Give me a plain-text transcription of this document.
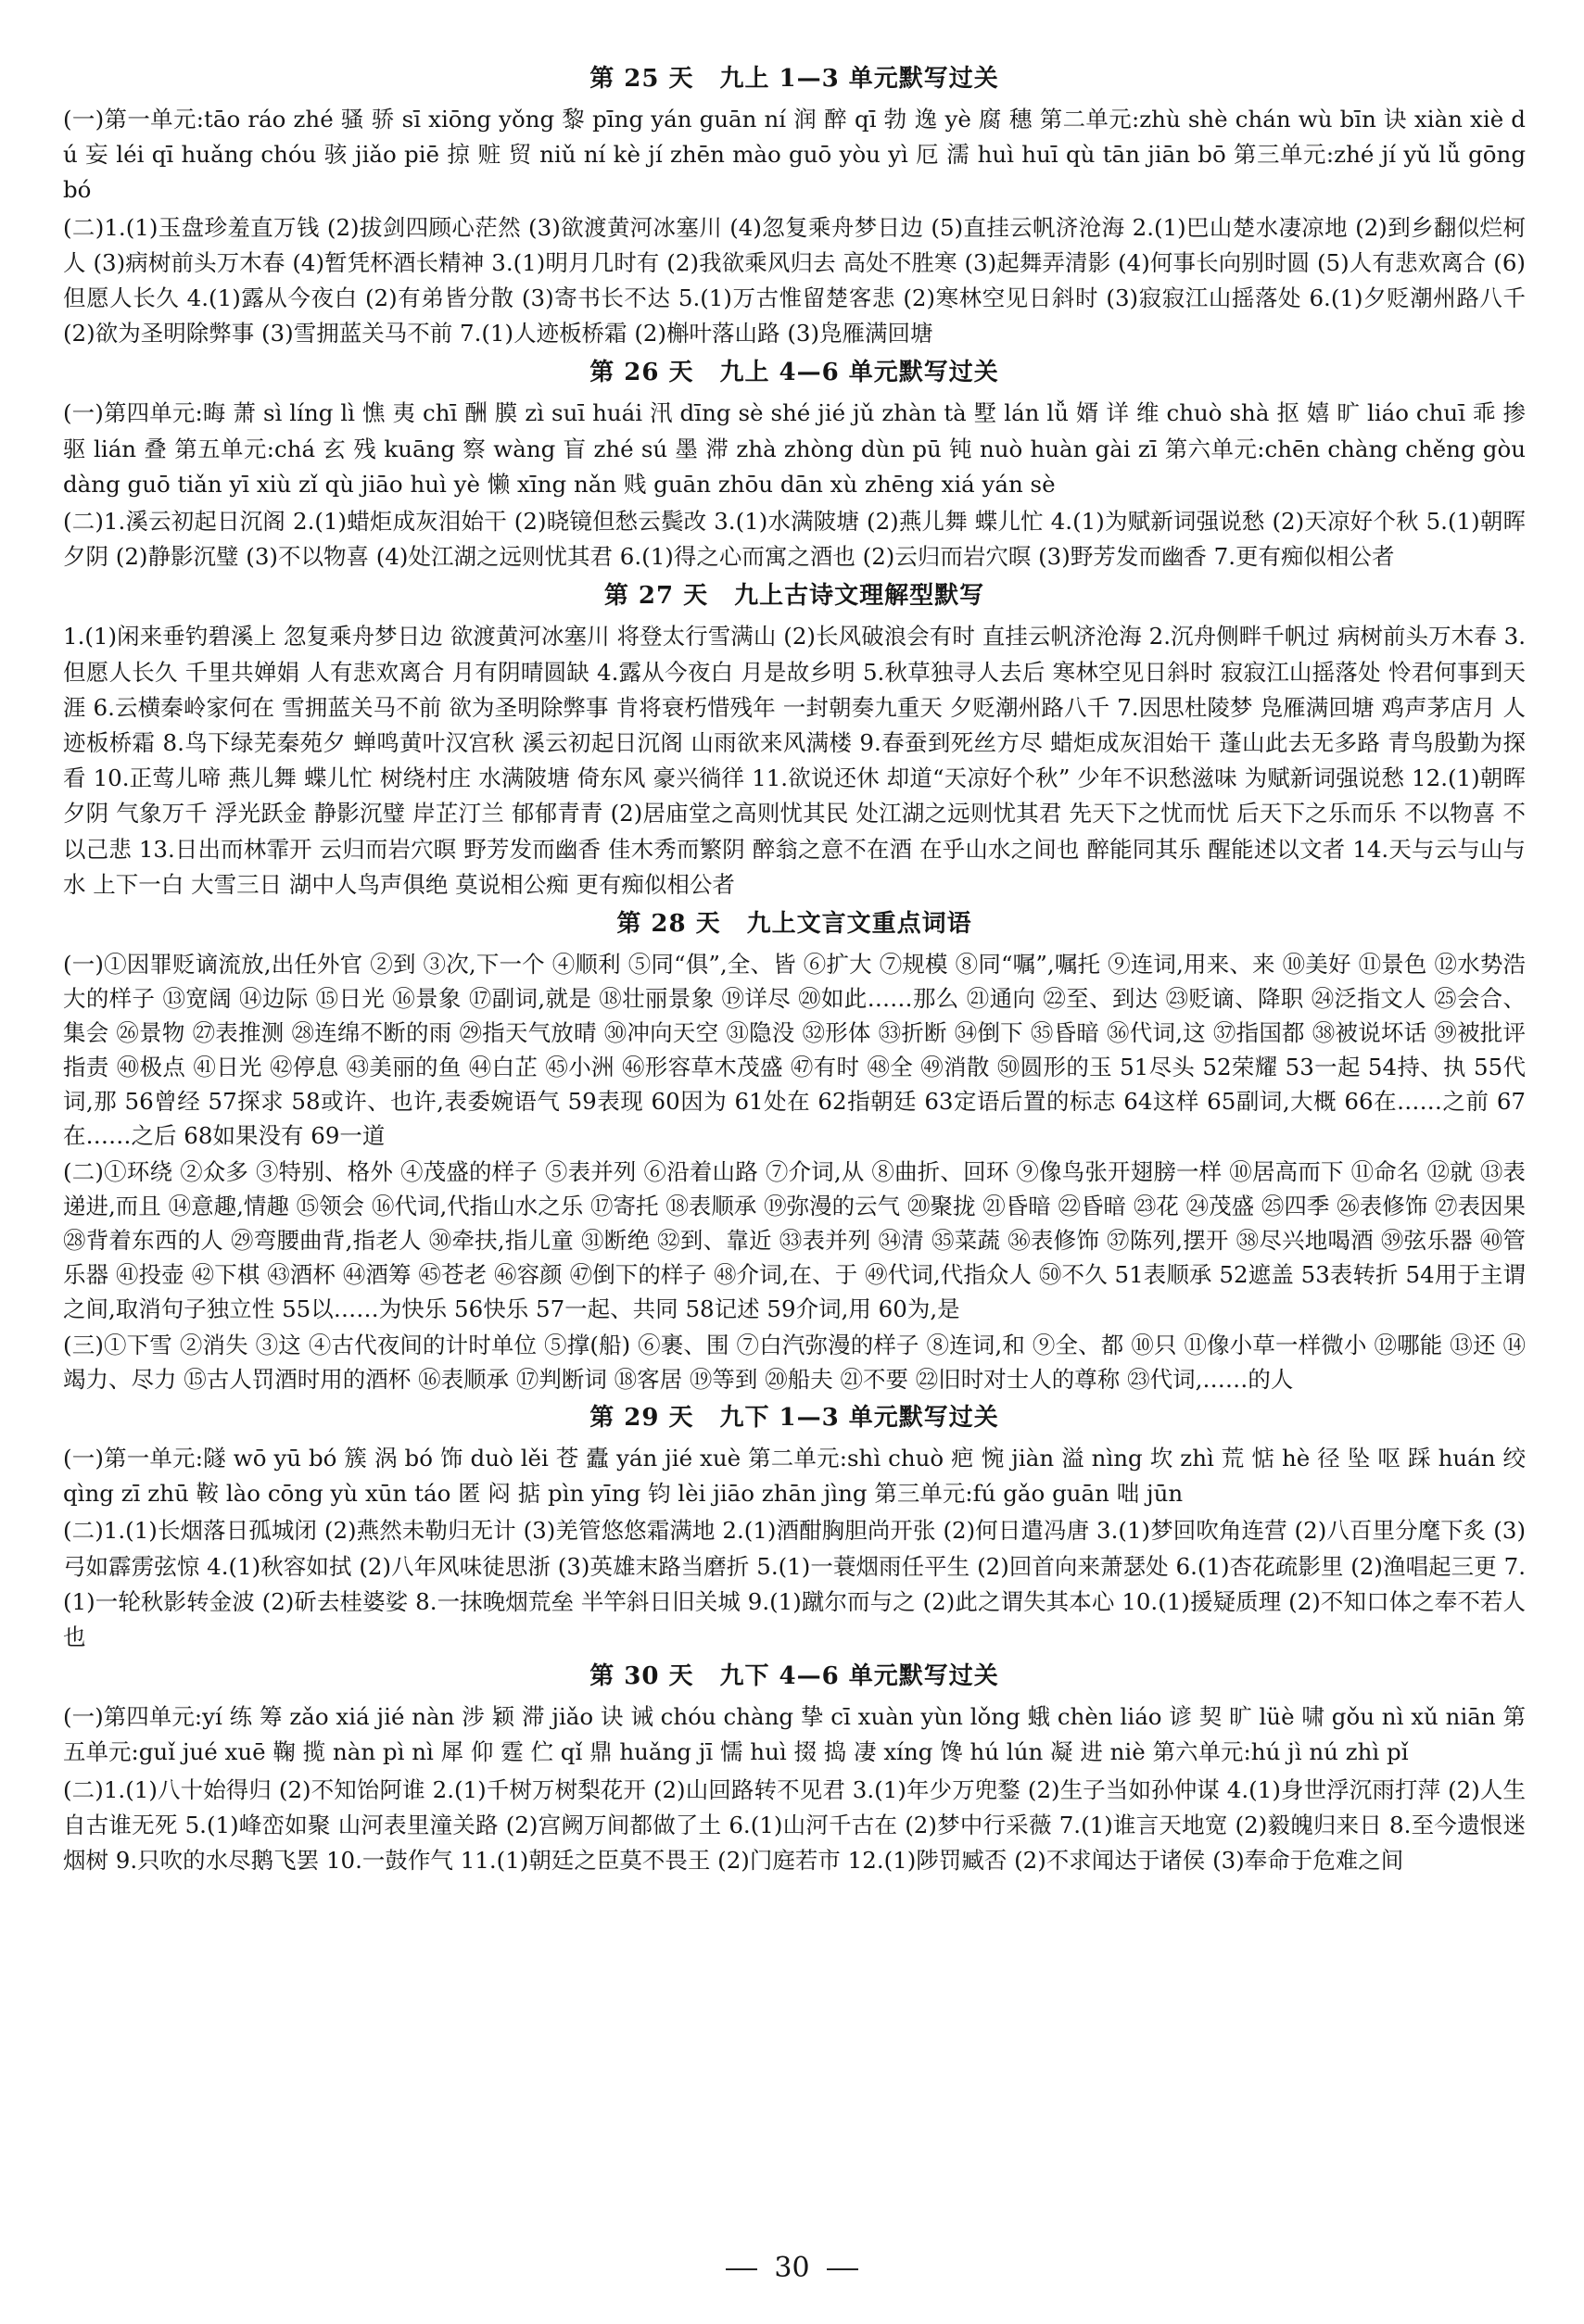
第 25 天 九上 1—3 单元默写过关

(一)第一单元:tāo ráo zhé 骚 骄 sī xiōng yǒng 黎 pīng yán guān ní 润 醉 qī 勃 逸 yè 腐 穗 第二单元:zhù shè chán wù bīn 诀 xiàn xiè dú 妄 léi qī huǎng chóu 骇 jiǎo piē 掠 赃 贸 niǔ ní kè jí zhēn mào guō yòu yì 厄 濡 huì huī qù tān jiān bō 第三单元:zhé jí yǔ lǚ gōng bó

(二)1.(1)玉盘珍羞直万钱 (2)拔剑四顾心茫然 (3)欲渡黄河冰塞川 (4)忽复乘舟梦日边 (5)直挂云帆济沧海 2.(1)巴山楚水凄凉地 (2)到乡翻似烂柯人 (3)病树前头万木春 (4)暂凭杯酒长精神 3.(1)明月几时有 (2)我欲乘风归去 高处不胜寒 (3)起舞弄清影 (4)何事长向别时圆 (5)人有悲欢离合 (6)但愿人长久 4.(1)露从今夜白 (2)有弟皆分散 (3)寄书长不达 5.(1)万古惟留楚客悲 (2)寒林空见日斜时 (3)寂寂江山摇落处 6.(1)夕贬潮州路八千 (2)欲为圣明除弊事 (3)雪拥蓝关马不前 7.(1)人迹板桥霜 (2)槲叶落山路 (3)凫雁满回塘

第 26 天 九上 4—6 单元默写过关

(一)第四单元:晦 萧 sì líng lì 憔 夷 chī 酬 膜 zì suī huái 汛 dīng sè shé jié jǔ zhàn tà 墅 lán lǚ 婿 详 维 chuò shà 抠 嬉 旷 liáo chuī 乖 掺 驱 lián 叠 第五单元:chá 玄 残 kuāng 察 wàng 盲 zhé sú 墨 滞 zhà zhòng dùn pū 钝 nuò huàn gài zī 第六单元:chēn chàng chěng gòu dàng guō tiǎn yī xiù zǐ qù jiāo huì yè 懒 xīng nǎn 贱 guān zhōu dān xù zhēng xiá yán sè

(二)1.溪云初起日沉阁 2.(1)蜡炬成灰泪始干 (2)晓镜但愁云鬓改 3.(1)水满陂塘 (2)燕儿舞 蝶儿忙 4.(1)为赋新词强说愁 (2)天凉好个秋 5.(1)朝晖夕阴 (2)静影沉璧 (3)不以物喜 (4)处江湖之远则忧其君 6.(1)得之心而寓之酒也 (2)云归而岩穴暝 (3)野芳发而幽香 7.更有痴似相公者

第 27 天 九上古诗文理解型默写

1.(1)闲来垂钓碧溪上 忽复乘舟梦日边 欲渡黄河冰塞川 将登太行雪满山 (2)长风破浪会有时 直挂云帆济沧海 2.沉舟侧畔千帆过 病树前头万木春 3.但愿人长久 千里共婵娟 人有悲欢离合 月有阴晴圆缺 4.露从今夜白 月是故乡明 5.秋草独寻人去后 寒林空见日斜时 寂寂江山摇落处 怜君何事到天涯 6.云横秦岭家何在 雪拥蓝关马不前 欲为圣明除弊事 肯将衰朽惜残年 一封朝奏九重天 夕贬潮州路八千 7.因思杜陵梦 凫雁满回塘 鸡声茅店月 人迹板桥霜 8.鸟下绿芜秦苑夕 蝉鸣黄叶汉宫秋 溪云初起日沉阁 山雨欲来风满楼 9.春蚕到死丝方尽 蜡炬成灰泪始干 蓬山此去无多路 青鸟殷勤为探看 10.正莺儿啼 燕儿舞 蝶儿忙 树绕村庄 水满陂塘 倚东风 豪兴徜徉 11.欲说还休 却道“天凉好个秋” 少年不识愁滋味 为赋新词强说愁 12.(1)朝晖夕阴 气象万千 浮光跃金 静影沉璧 岸芷汀兰 郁郁青青 (2)居庙堂之高则忧其民 处江湖之远则忧其君 先天下之忧而忧 后天下之乐而乐 不以物喜 不以己悲 13.日出而林霏开 云归而岩穴暝 野芳发而幽香 佳木秀而繁阴 醉翁之意不在酒 在乎山水之间也 醉能同其乐 醒能述以文者 14.天与云与山与水 上下一白 大雪三日 湖中人鸟声俱绝 莫说相公痴 更有痴似相公者

第 28 天 九上文言文重点词语

(一)①因罪贬谪流放,出任外官 ②到 ③次,下一个 ④顺利 ⑤同“俱”,全、皆 ⑥扩大 ⑦规模 ⑧同“嘱”,嘱托 ⑨连词,用来、来 ⑩美好 ⑪景色 ⑫水势浩大的样子 ⑬宽阔 ⑭边际 ⑮日光 ⑯景象 ⑰副词,就是 ⑱壮丽景象 ⑲详尽 ⑳如此……那么 ㉑通向 ㉒至、到达 ㉓贬谪、降职 ㉔泛指文人 ㉕会合、集会 ㉖景物 ㉗表推测 ㉘连绵不断的雨 ㉙指天气放晴 ㉚冲向天空 ㉛隐没 ㉜形体 ㉝折断 ㉞倒下 ㉟昏暗 ㊱代词,这 ㊲指国都 ㊳被说坏话 ㊴被批评指责 ㊵极点 ㊶日光 ㊷停息 ㊸美丽的鱼 ㊹白芷 ㊺小洲 ㊻形容草木茂盛 ㊼有时 ㊽全 ㊾消散 ㊿圆形的玉 51尽头 52荣耀 53一起 54持、执 55代词,那 56曾经 57探求 58或许、也许,表委婉语气 59表现 60因为 61处在 62指朝廷 63定语后置的标志 64这样 65副词,大概 66在……之前 67在……之后 68如果没有 69一道

(二)①环绕 ②众多 ③特别、格外 ④茂盛的样子 ⑤表并列 ⑥沿着山路 ⑦介词,从 ⑧曲折、回环 ⑨像鸟张开翅膀一样 ⑩居高而下 ⑪命名 ⑫就 ⑬表递进,而且 ⑭意趣,情趣 ⑮领会 ⑯代词,代指山水之乐 ⑰寄托 ⑱表顺承 ⑲弥漫的云气 ⑳聚拢 ㉑昏暗 ㉒昏暗 ㉓花 ㉔茂盛 ㉕四季 ㉖表修饰 ㉗表因果 ㉘背着东西的人 ㉙弯腰曲背,指老人 ㉚牵扶,指儿童 ㉛断绝 ㉜到、靠近 ㉝表并列 ㉞清 ㉟菜蔬 ㊱表修饰 ㊲陈列,摆开 ㊳尽兴地喝酒 ㊴弦乐器 ㊵管乐器 ㊶投壶 ㊷下棋 ㊸酒杯 ㊹酒筹 ㊺苍老 ㊻容颜 ㊼倒下的样子 ㊽介词,在、于 ㊾代词,代指众人 ㊿不久 51表顺承 52遮盖 53表转折 54用于主谓之间,取消句子独立性 55以……为快乐 56快乐 57一起、共同 58记述 59介词,用 60为,是

(三)①下雪 ②消失 ③这 ④古代夜间的计时单位 ⑤撑(船) ⑥裹、围 ⑦白汽弥漫的样子 ⑧连词,和 ⑨全、都 ⑩只 ⑪像小草一样微小 ⑫哪能 ⑬还 ⑭竭力、尽力 ⑮古人罚酒时用的酒杯 ⑯表顺承 ⑰判断词 ⑱客居 ⑲等到 ⑳船夫 ㉑不要 ㉒旧时对士人的尊称 ㉓代词,……的人

第 29 天 九下 1—3 单元默写过关

(一)第一单元:隧 wō yū bó 簇 涡 bó 饰 duò lěi 苍 蠹 yán jié xuè 第二单元:shì chuò 疤 惋 jiàn 溢 nìng 坎 zhì 荒 惦 hè 径 坠 呕 踩 huán 绞 qìng zī zhū 鞍 lào cōng yù xūn táo 匿 闷 掂 pìn yīng 钧 lèi jiāo zhān jìng 第三单元:fú gǎo guān 咄 jūn

(二)1.(1)长烟落日孤城闭 (2)燕然未勒归无计 (3)羌管悠悠霜满地 2.(1)酒酣胸胆尚开张 (2)何日遣冯唐 3.(1)梦回吹角连营 (2)八百里分麾下炙 (3)弓如霹雳弦惊 4.(1)秋容如拭 (2)八年风味徒思浙 (3)英雄末路当磨折 5.(1)一蓑烟雨任平生 (2)回首向来萧瑟处 6.(1)杏花疏影里 (2)渔唱起三更 7.(1)一轮秋影转金波 (2)斫去桂婆娑 8.一抹晚烟荒垒 半竿斜日旧关城 9.(1)蹴尔而与之 (2)此之谓失其本心 10.(1)援疑质理 (2)不知口体之奉不若人也

第 30 天 九下 4—6 单元默写过关

(一)第四单元:yí 练 筹 zǎo xiá jié nàn 涉 颖 滞 jiǎo 诀 诫 chóu chàng 挚 cī xuàn yùn lǒng 蛾 chèn liáo 谚 契 旷 lüè 啸 gǒu nì xǔ niān 第五单元:guǐ jué xuē 鞠 揽 nàn pì nì 犀 仰 霆 伫 qǐ 鼎 huǎng jī 懦 huì 掇 捣 凄 xíng 馋 hú lún 凝 进 niè 第六单元:hú jì nú zhì pǐ

(二)1.(1)八十始得归 (2)不知饴阿谁 2.(1)千树万树梨花开 (2)山回路转不见君 3.(1)年少万兜鍪 (2)生子当如孙仲谋 4.(1)身世浮沉雨打萍 (2)人生自古谁无死 5.(1)峰峦如聚 山河表里潼关路 (2)宫阙万间都做了土 6.(1)山河千古在 (2)梦中行采薇 7.(1)谁言天地宽 (2)毅魄归来日 8.至今遗恨迷烟树 9.只吹的水尽鹅飞罢 10.一鼓作气 11.(1)朝廷之臣莫不畏王 (2)门庭若市 12.(1)陟罚臧否 (2)不求闻达于诸侯 (3)奉命于危难之间

30
